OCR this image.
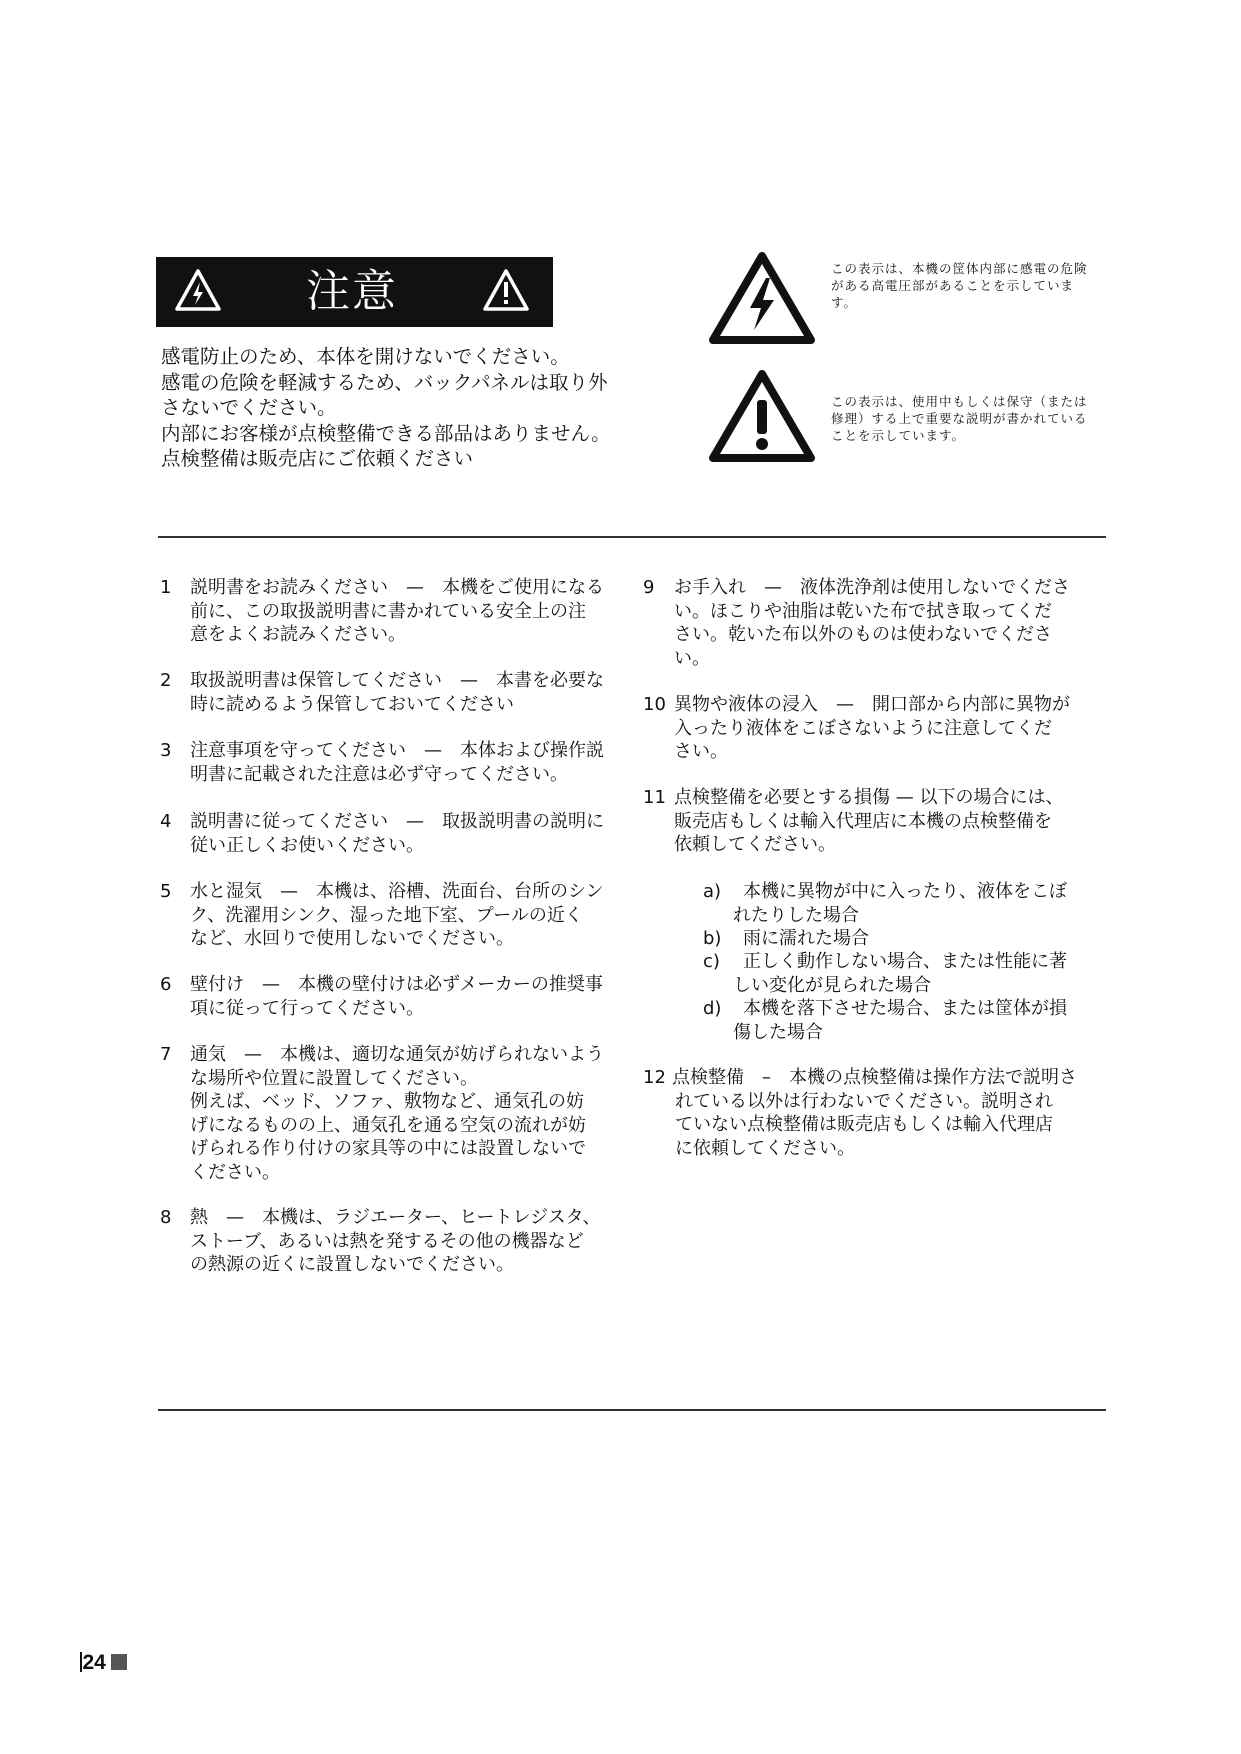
注意
感電防止のため、本体を開けないでください。
感電の危険を軽減するため、バックパネルは取り外
さないでください。
内部にお客様が点検整備できる部品はありません。
点検整備は販売店にご依頼ください
この表示は、本機の筐体内部に感電の危険
がある高電圧部があることを示していま
す。
この表示は、使用中もしくは保守（または
修理）する上で重要な説明が書かれている
ことを示しています。
1 説明書をお読みください　—　本機をご使用になる
前に、この取扱説明書に書かれている安全上の注
意をよくお読みください。
2 取扱説明書は保管してください　—　本書を必要な
時に読めるよう保管しておいてください
3 注意事項を守ってください　—　本体および操作説
明書に記載された注意は必ず守ってください。
4 説明書に従ってください　—　取扱説明書の説明に
従い正しくお使いください。
5 水と湿気　—　本機は、浴槽、洗面台、台所のシン
ク、洗濯用シンク、湿った地下室、プールの近く
など、水回りで使用しないでください。
6 壁付け　—　本機の壁付けは必ずメーカーの推奨事
項に従って行ってください。
7 通気　—　本機は、適切な通気が妨げられないよう
な場所や位置に設置してください。
例えば、ベッド、ソファ、敷物など、通気孔の妨
げになるものの上、通気孔を通る空気の流れが妨
げられる作り付けの家具等の中には設置しないで
ください。
8 熱　—　本機は、ラジエーター、ヒートレジスタ、
ストーブ、あるいは熱を発するその他の機器など
の熱源の近くに設置しないでください。
9 お手入れ　—　液体洗浄剤は使用しないでくださ
い。ほこりや油脂は乾いた布で拭き取ってくだ
さい。乾いた布以外のものは使わないでくださ
い。
10 異物や液体の浸入　—　開口部から内部に異物が
入ったり液体をこぼさないように注意してくだ
さい。
11 点検整備を必要とする損傷 — 以下の場合には、
販売店もしくは輸入代理店に本機の点検整備を
依頼してください。
a) 本機に異物が中に入ったり、液体をこぼ
れたりした場合
b) 雨に濡れた場合
c) 正しく動作しない場合、または性能に著
しい変化が見られた場合
d) 本機を落下させた場合、または筐体が損
傷した場合
12 点検整備　–　本機の点検整備は操作方法で説明さ
れている以外は行わないでください。説明され
ていない点検整備は販売店もしくは輸入代理店
に依頼してください。
24
